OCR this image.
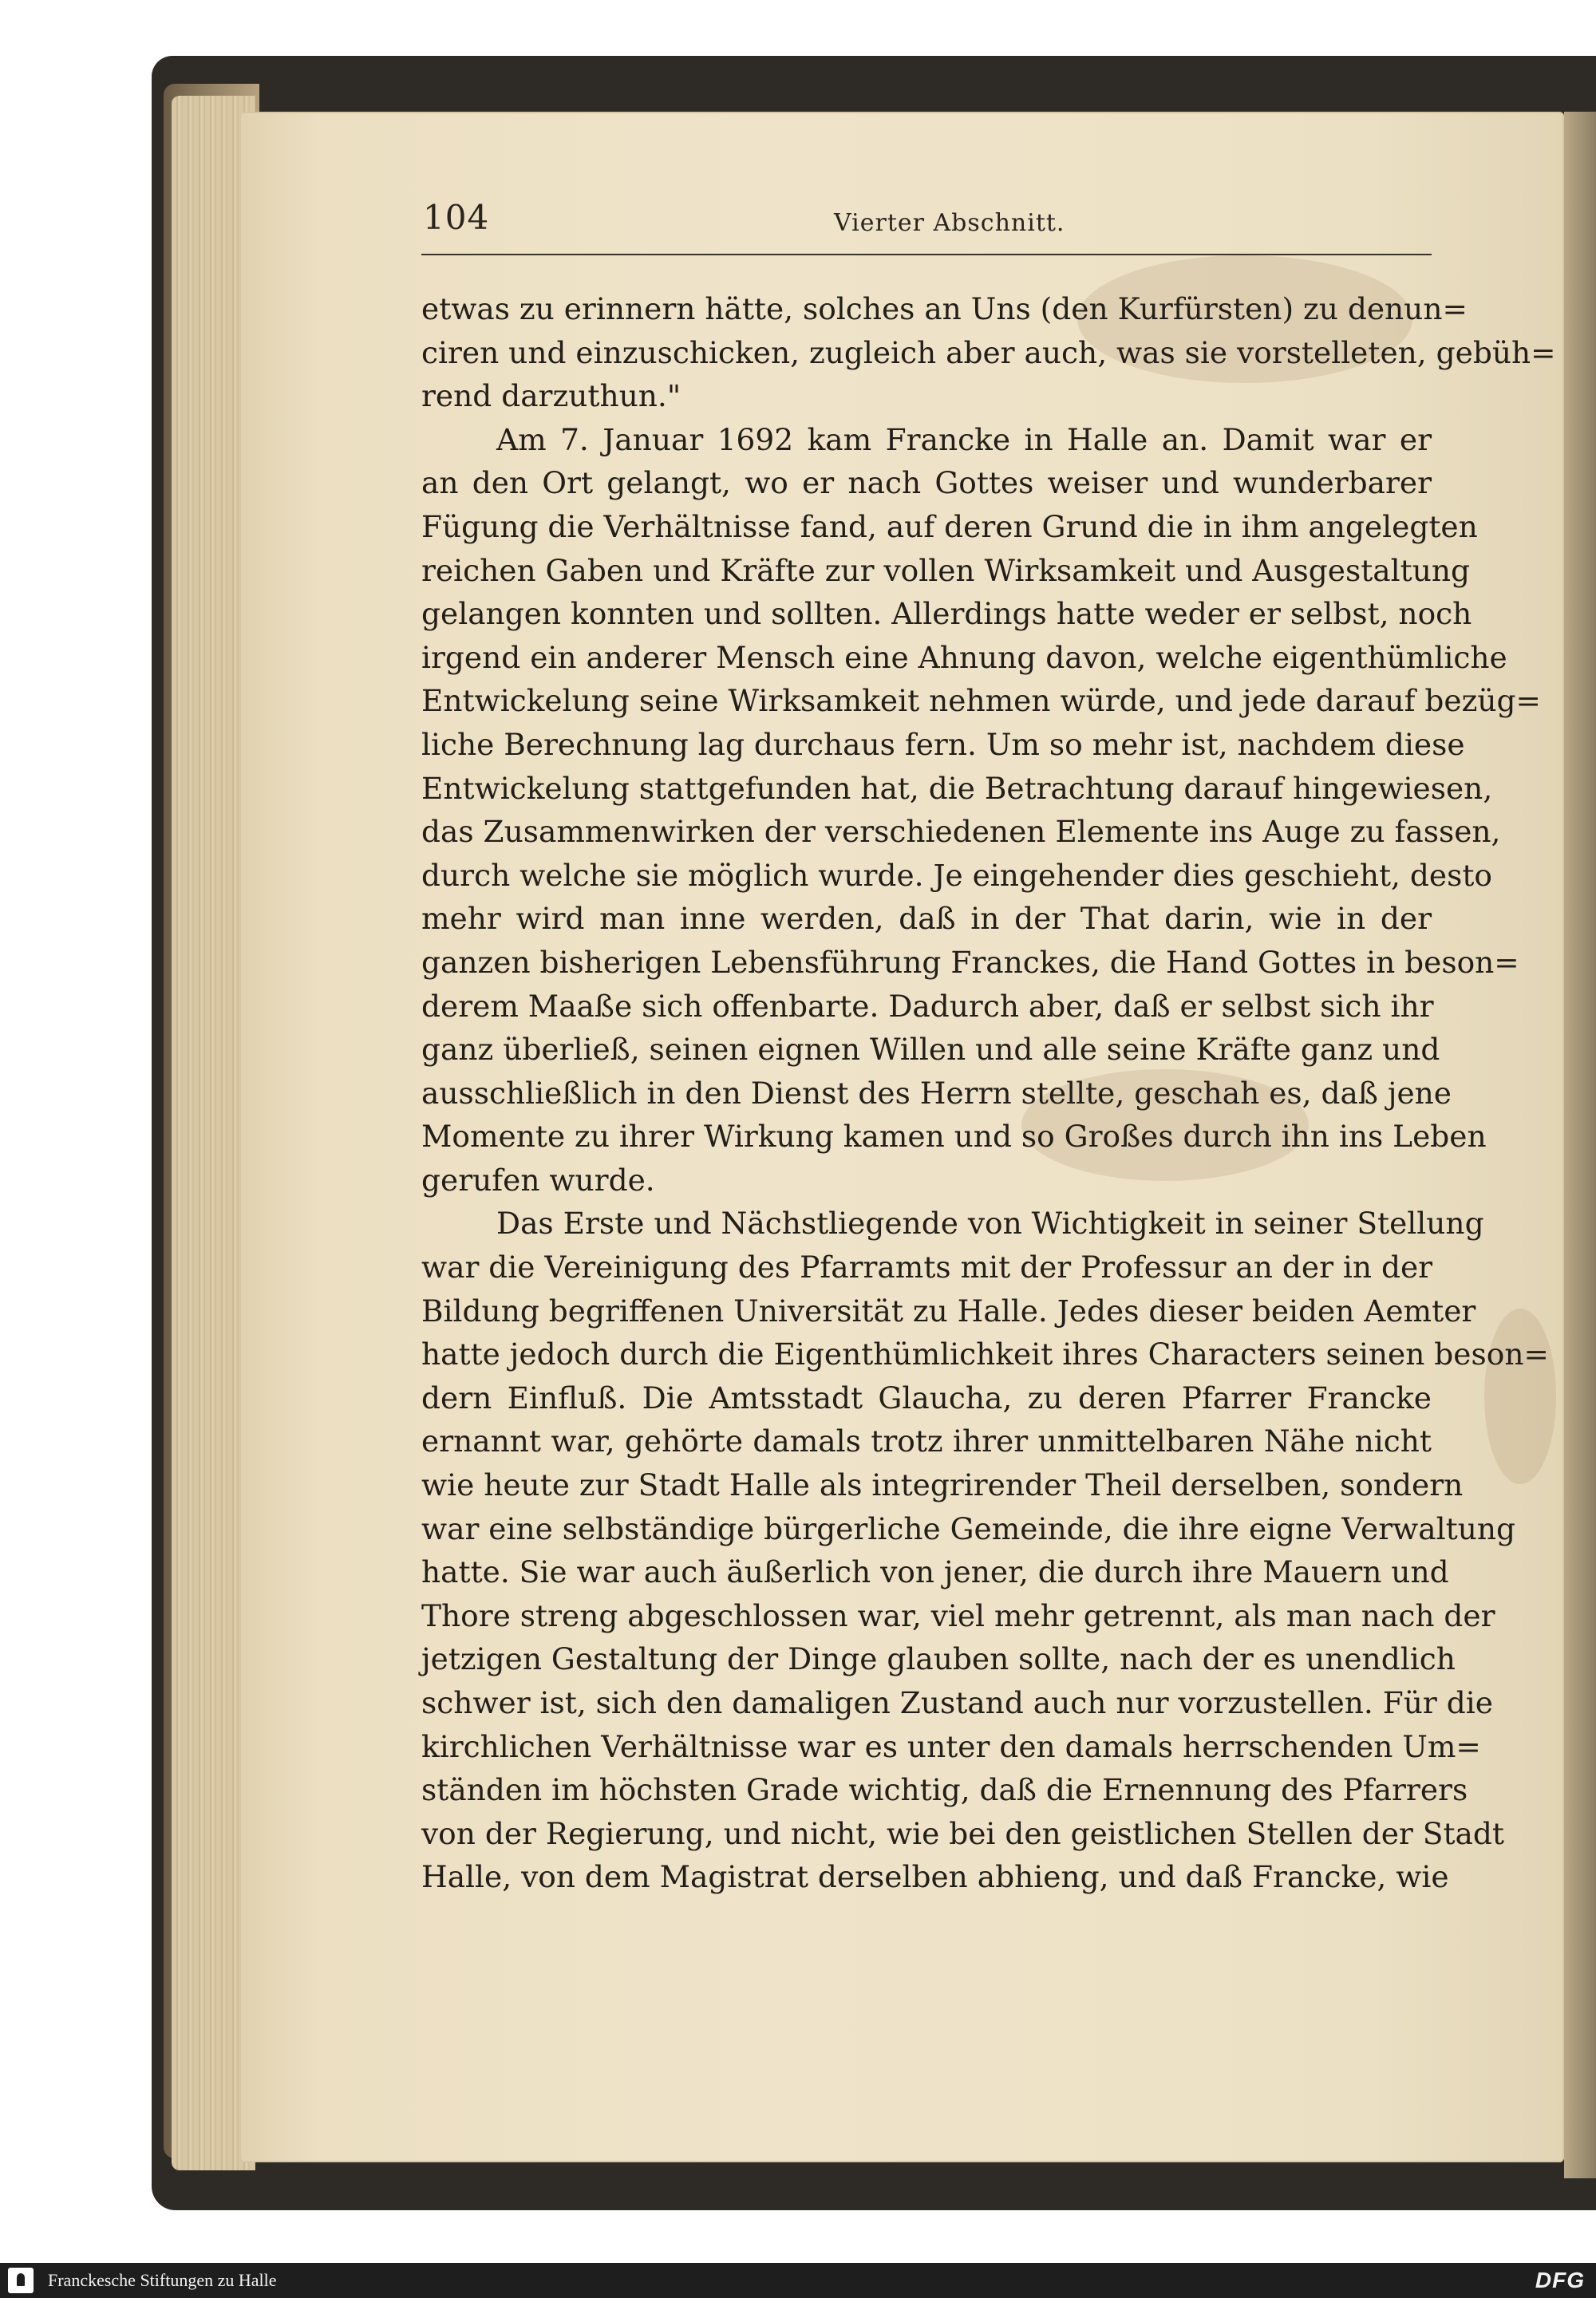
104	Vierter Abschnitt.
etwas zu erinnern hätte, solches an Uns (den Kurfürsten) zu denun=
ciren und einzuschicken, zugleich aber auch, was sie vorstelleten, gebüh=
rend darzuthun."
Am 7. Januar 1692 kam Francke in Halle an. Damit war er
an den Ort gelangt, wo er nach Gottes weiser und wunderbarer
Fügung die Verhältnisse fand, auf deren Grund die in ihm angelegten
reichen Gaben und Kräfte zur vollen Wirksamkeit und Ausgestaltung
gelangen konnten und sollten. Allerdings hatte weder er selbst, noch
irgend ein anderer Mensch eine Ahnung davon, welche eigenthümliche
Entwickelung seine Wirksamkeit nehmen würde, und jede darauf bezüg=
liche Berechnung lag durchaus fern. Um so mehr ist, nachdem diese
Entwickelung stattgefunden hat, die Betrachtung darauf hingewiesen,
das Zusammenwirken der verschiedenen Elemente ins Auge zu fassen,
durch welche sie möglich wurde. Je eingehender dies geschieht, desto
mehr wird man inne werden, daß in der That darin, wie in der
ganzen bisherigen Lebensführung Franckes, die Hand Gottes in beson=
derem Maaße sich offenbarte. Dadurch aber, daß er selbst sich ihr
ganz überließ, seinen eignen Willen und alle seine Kräfte ganz und
ausschließlich in den Dienst des Herrn stellte, geschah es, daß jene
Momente zu ihrer Wirkung kamen und so Großes durch ihn ins Leben
gerufen wurde.
Das Erste und Nächstliegende von Wichtigkeit in seiner Stellung
war die Vereinigung des Pfarramts mit der Professur an der in der
Bildung begriffenen Universität zu Halle. Jedes dieser beiden Aemter
hatte jedoch durch die Eigenthümlichkeit ihres Characters seinen beson=
dern Einfluß. Die Amtsstadt Glaucha, zu deren Pfarrer Francke
ernannt war, gehörte damals trotz ihrer unmittelbaren Nähe nicht
wie heute zur Stadt Halle als integrirender Theil derselben, sondern
war eine selbständige bürgerliche Gemeinde, die ihre eigne Verwaltung
hatte. Sie war auch äußerlich von jener, die durch ihre Mauern und
Thore streng abgeschlossen war, viel mehr getrennt, als man nach der
jetzigen Gestaltung der Dinge glauben sollte, nach der es unendlich
schwer ist, sich den damaligen Zustand auch nur vorzustellen. Für die
kirchlichen Verhältnisse war es unter den damals herrschenden Um=
ständen im höchsten Grade wichtig, daß die Ernennung des Pfarrers
von der Regierung, und nicht, wie bei den geistlichen Stellen der Stadt
Halle, von dem Magistrat derselben abhieng, und daß Francke, wie
Franckesche Stiftungen zu Halle	DFG
